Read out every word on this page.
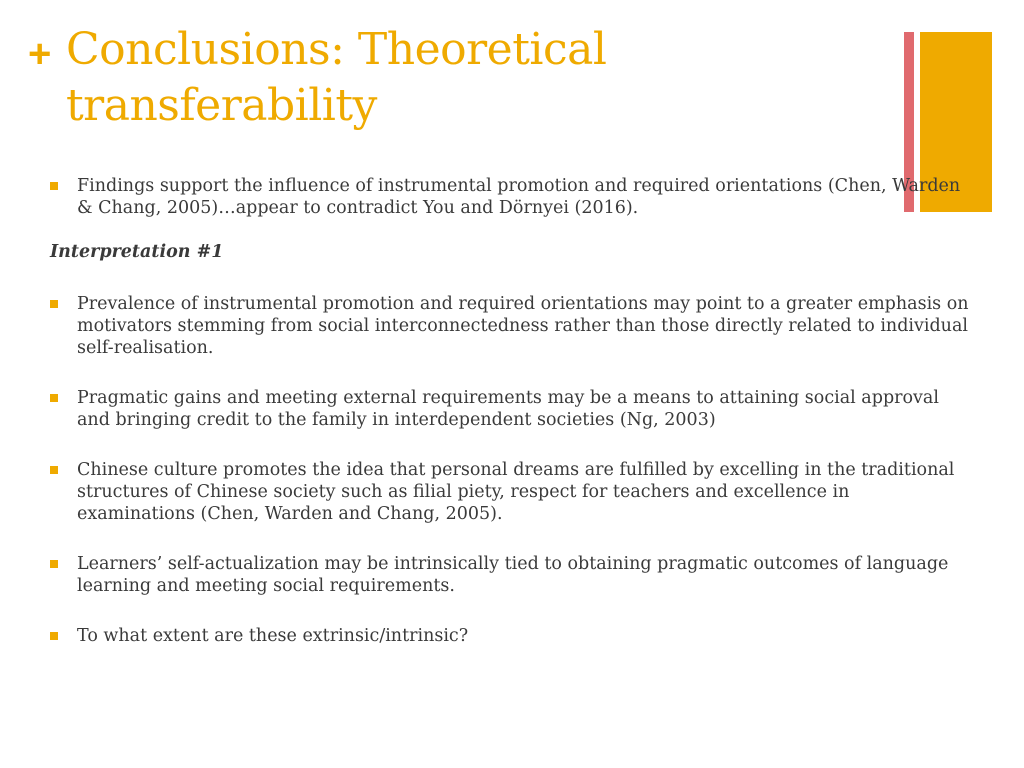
+ Conclusions: Theoretical transferability
Findings support the influence of instrumental promotion and required orientations (Chen, Warden & Chang, 2005)…appear to contradict You and Dörnyei (2016).

Interpretation #1

Prevalence of instrumental promotion and required orientations may point to a greater emphasis on motivators stemming from social interconnectedness rather than those directly related to individual self-realisation.
Pragmatic gains and meeting external requirements may be a means to attaining social approval and bringing credit to the family in interdependent societies (Ng, 2003)
Chinese culture promotes the idea that personal dreams are fulfilled by excelling in the traditional structures of Chinese society such as filial piety, respect for teachers and excellence in examinations (Chen, Warden and Chang, 2005).
Learners’ self-actualization may be intrinsically tied to obtaining pragmatic outcomes of language learning and meeting social requirements.
To what extent are these extrinsic/intrinsic?
